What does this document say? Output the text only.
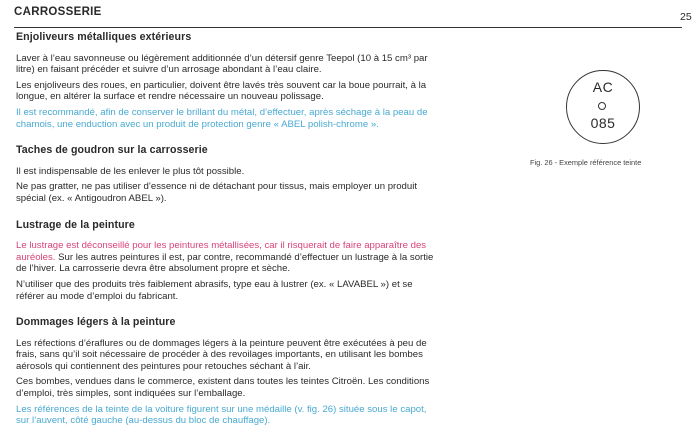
CARROSSERIE	25
Enjoliveurs métalliques extérieurs

Laver à l’eau savonneuse ou légèrement additionnée d’un détersif genre Teepol (10 à 15 cm³ par litre) en faisant précéder et suivre d’un arrosage abondant à l’eau claire.

Les enjoliveurs des roues, en particulier, doivent être lavés très souvent car la boue pourrait, à la longue, en altérer la surface et rendre nécessaire un nouveau polissage.

Il est recommandé, afin de conserver le brillant du métal, d’effectuer, après séchage à la peau de chamois, une enduction avec un produit de protection genre « ABEL polish-chrome ».

Taches de goudron sur la carrosserie

Il est indispensable de les enlever le plus tôt possible.

Ne pas gratter, ne pas utiliser d’essence ni de détachant pour tissus, mais employer un produit spécial (ex. « Antigoudron ABEL »).

Lustrage de la peinture

Le lustrage est déconseillé pour les peintures métallisées, car il risquerait de faire apparaître des auréoles. Sur les autres peintures il est, par contre, recommandé d’effectuer un lustrage à la sortie de l’hiver. La carrosserie devra être absolument propre et sèche.

N’utiliser que des produits très faiblement abrasifs, type eau à lustrer (ex. « LAVABEL ») et se référer au mode d’emploi du fabricant.

Dommages légers à la peinture

Les réfections d’éraflures ou de dommages légers à la peinture peuvent être exécutées à peu de frais, sans qu’il soit nécessaire de procéder à des revoilages importants, en utilisant les bombes aérosols qui contiennent des peintures pour retouches séchant à l’air.

Ces bombes, vendues dans le commerce, existent dans toutes les teintes Citroën. Les conditions d’emploi, très simples, sont indiquées sur l’emballage.

Les références de la teinte de la voiture figurent sur une médaille (v. fig. 26) située sous le capot, sur l’auvent, côté gauche (au-dessus du bloc de chauffage).

AC
085
Fig. 26 - Exemple référence teinte
